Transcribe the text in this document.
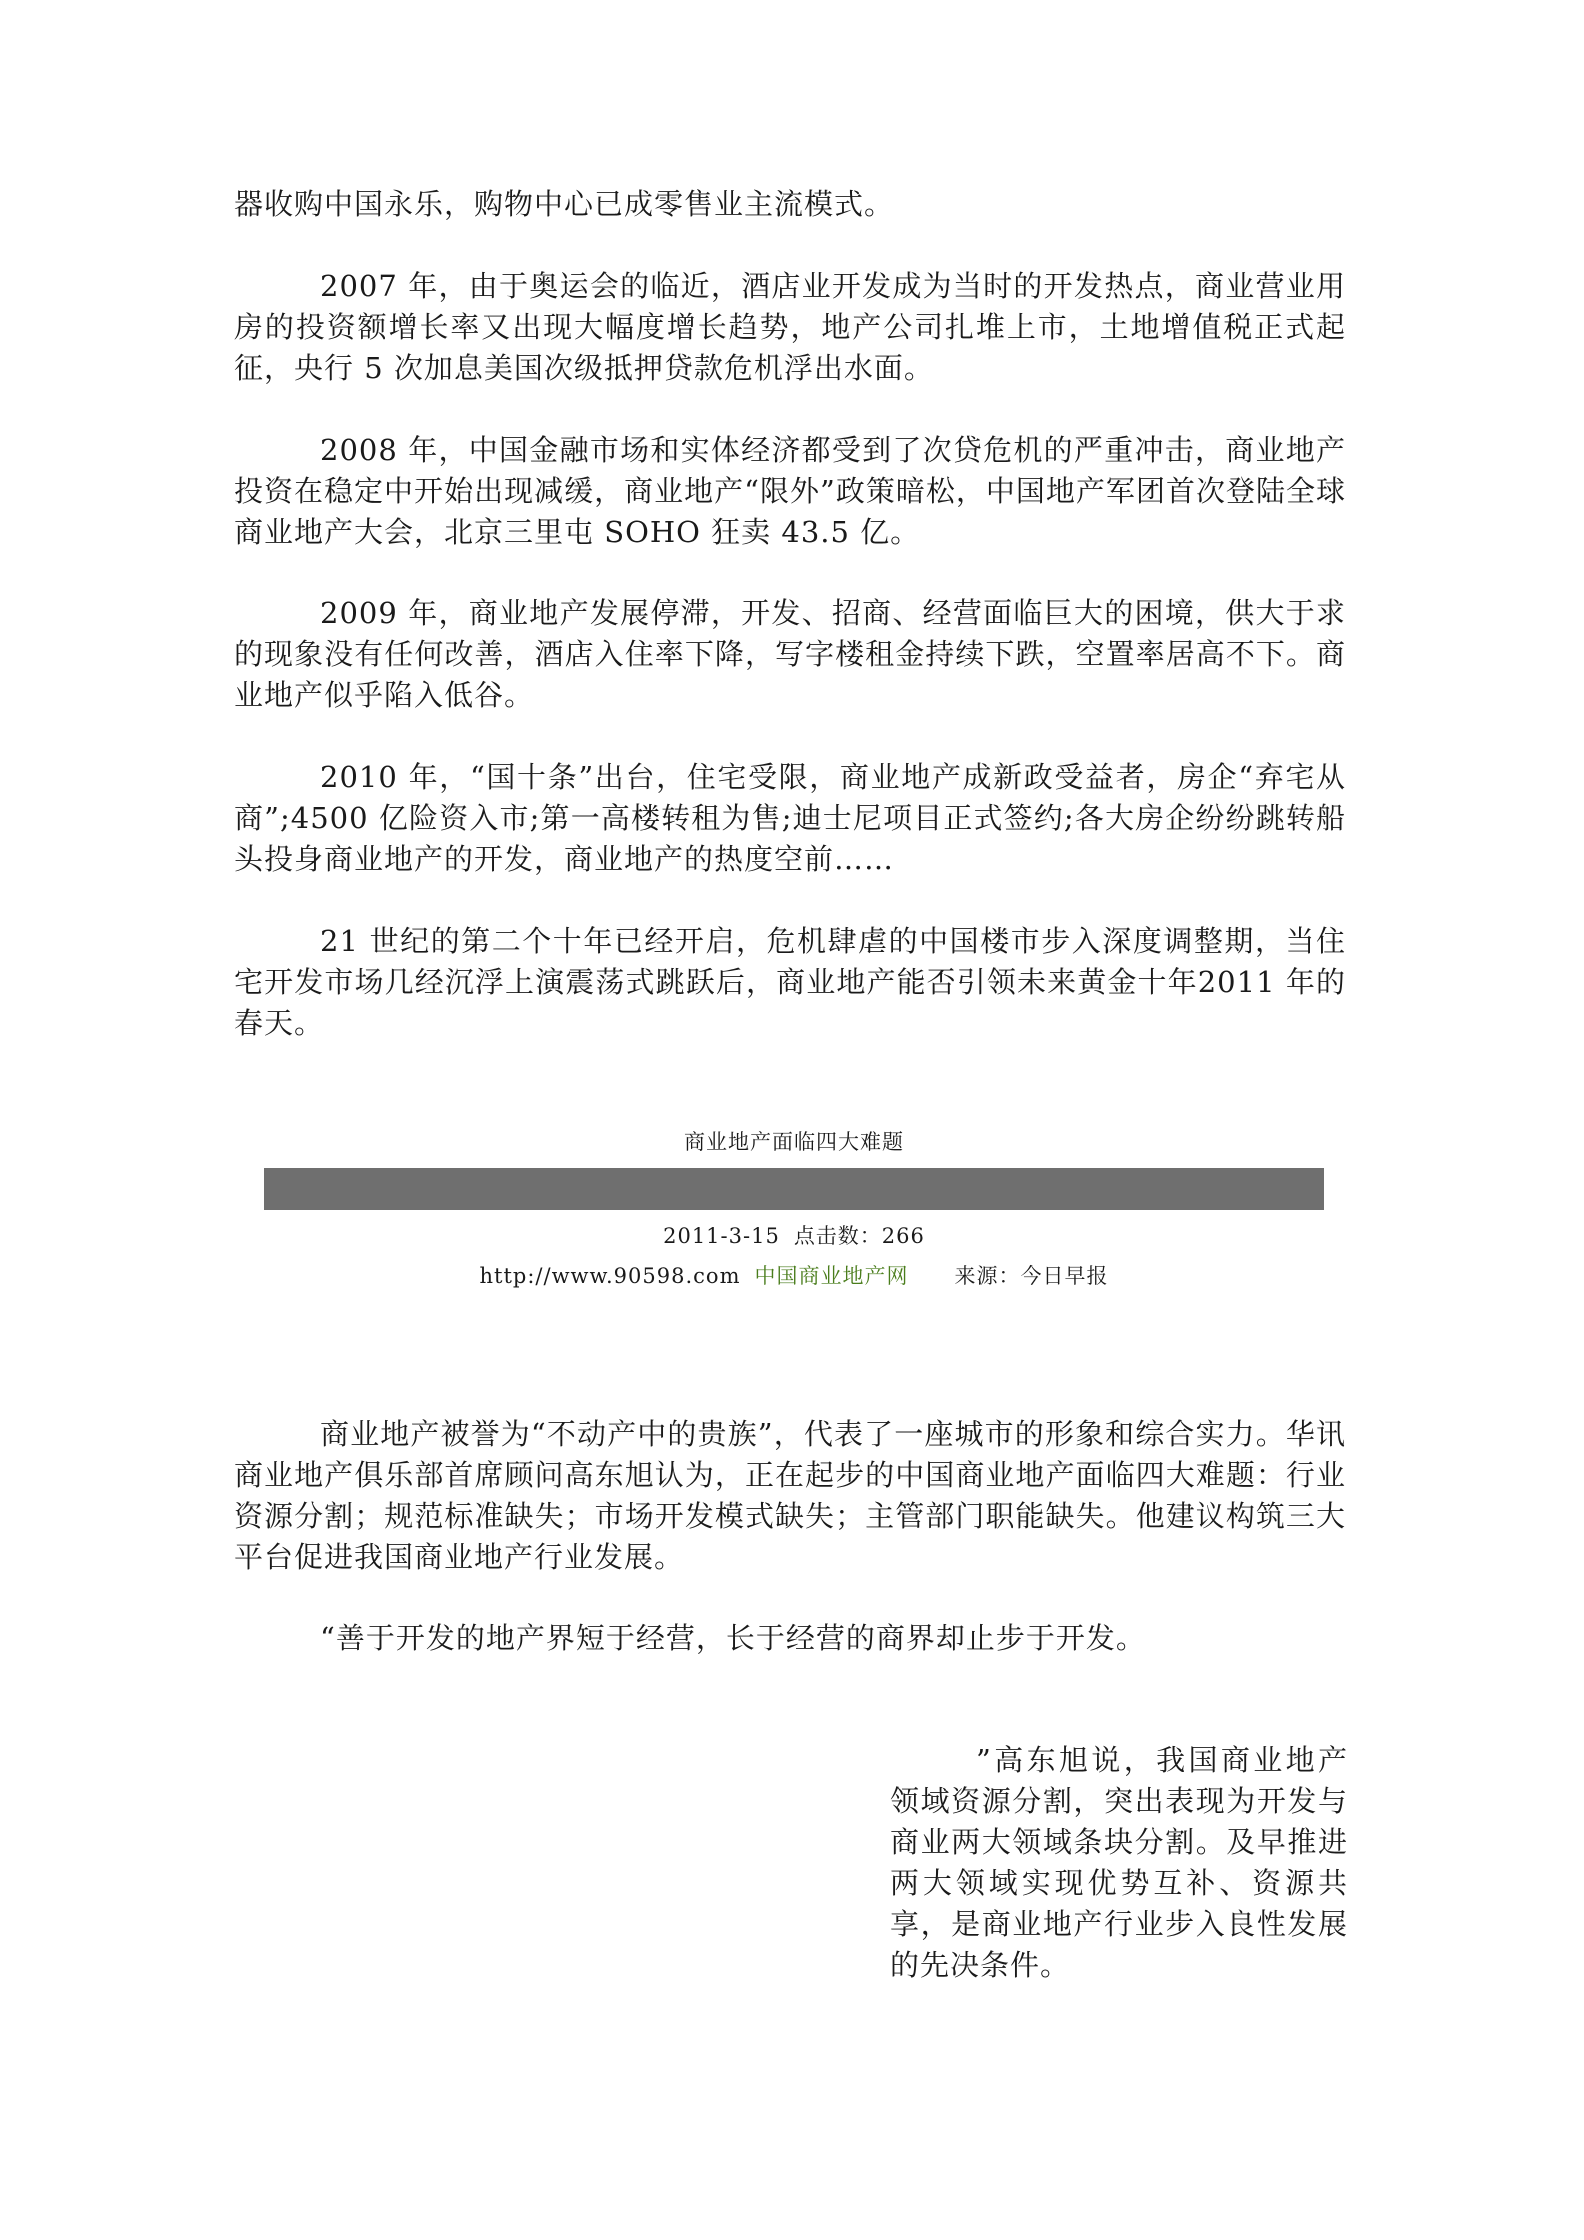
器收购中国永乐，购物中心已成零售业主流模式。

2007 年，由于奥运会的临近，酒店业开发成为当时的开发热点，商业营业用房的投资额增长率又出现大幅度增长趋势，地产公司扎堆上市，土地增值税正式起征，央行 5 次加息美国次级抵押贷款危机浮出水面。

2008 年，中国金融市场和实体经济都受到了次贷危机的严重冲击，商业地产投资在稳定中开始出现减缓，商业地产“限外”政策暗松，中国地产军团首次登陆全球商业地产大会，北京三里屯 SOHO 狂卖 43.5 亿。

2009 年，商业地产发展停滞，开发、招商、经营面临巨大的困境，供大于求的现象没有任何改善，酒店入住率下降，写字楼租金持续下跌，空置率居高不下。商业地产似乎陷入低谷。

2010 年，“国十条”出台，住宅受限，商业地产成新政受益者，房企“弃宅从商”;4500 亿险资入市;第一高楼转租为售;迪士尼项目正式签约;各大房企纷纷跳转船头投身商业地产的开发，商业地产的热度空前……

21 世纪的第二个十年已经开启，危机肆虐的中国楼市步入深度调整期，当住宅开发市场几经沉浮上演震荡式跳跃后，商业地产能否引领未来黄金十年2011 年的春天。

商业地产面临四大难题
2011-3-15 点击数：266
http://www.90598.com 中国商业地产网 来源：今日早报

商业地产被誉为“不动产中的贵族”，代表了一座城市的形象和综合实力。华讯商业地产俱乐部首席顾问高东旭认为，正在起步的中国商业地产面临四大难题：行业资源分割；规范标准缺失；市场开发模式缺失；主管部门职能缺失。他建议构筑三大平台促进我国商业地产行业发展。

“善于开发的地产界短于经营，长于经营的商界却止步于开发。

”高东旭说，我国商业地产领域资源分割，突出表现为开发与商业两大领域条块分割。及早推进两大领域实现优势互补、资源共享，是商业地产行业步入良性发展的先决条件。
